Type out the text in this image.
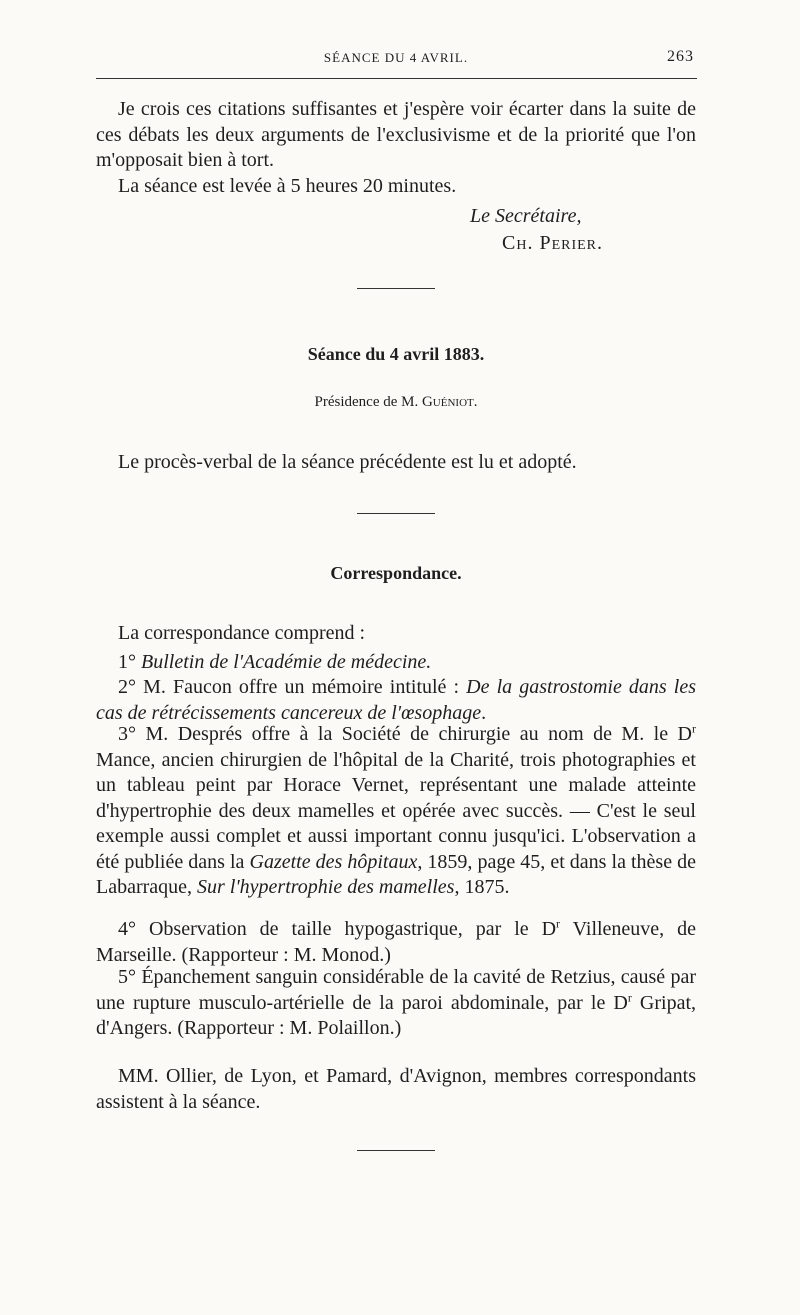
SÉANCE DU 4 AVRIL.	263
Je crois ces citations suffisantes et j'espère voir écarter dans la suite de ces débats les deux arguments de l'exclusivisme et de la priorité que l'on m'opposait bien à tort.
La séance est levée à 5 heures 20 minutes.
Le Secrétaire,
Ch. Perier.
Séance du 4 avril 1883.
Présidence de M. Guéniot.
Le procès-verbal de la séance précédente est lu et adopté.
Correspondance.
La correspondance comprend :
1° Bulletin de l'Académie de médecine.
2° M. Faucon offre un mémoire intitulé : De la gastrostomie dans les cas de rétrécissements cancereux de l'œsophage.
3° M. Després offre à la Société de chirurgie au nom de M. le $D^r$ Mance, ancien chirurgien de l'hôpital de la Charité, trois photographies et un tableau peint par Horace Vernet, représentant une malade atteinte d'hypertrophie des deux mamelles et opérée avec succès. — C'est le seul exemple aussi complet et aussi important connu jusqu'ici. L'observation a été publiée dans la Gazette des hôpitaux, 1859, page 45, et dans la thèse de Labarraque, Sur l'hypertrophie des mamelles, 1875.
4° Observation de taille hypogastrique, par le $D^r$ Villeneuve, de Marseille. (Rapporteur : M. Monod.)
5° Épanchement sanguin considérable de la cavité de Retzius, causé par une rupture musculo-artérielle de la paroi abdominale, par le $D^r$ Gripat, d'Angers. (Rapporteur : M. Polaillon.)
MM. Ollier, de Lyon, et Pamard, d'Avignon, membres correspondants assistent à la séance.
